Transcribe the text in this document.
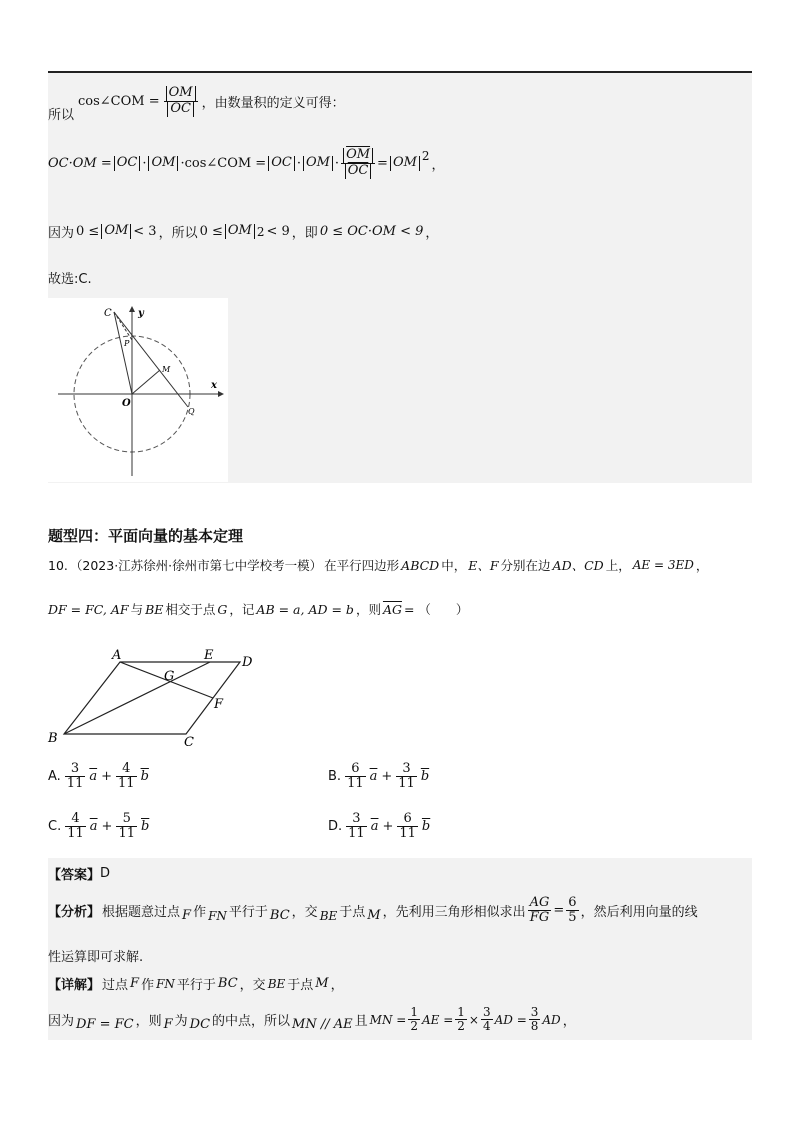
所以
cos∠COM = $\frac{OM}{OC}$ ，由数量积的定义可得：
OC·OM = OC · OM ·cos∠COM = OC · OM · $\frac{\overline{OM}}{OC}$ = OM 2
，
因为 0 ≤ OM < 3 ，所以 0 ≤ OM 2 < 9 ，即 0 ≤ OC·OM < 9 ，
故选:C.
C
P
y
M
x
O
Q
题型四：平面向量的基本定理
10. （2023·江苏徐州·徐州市第七中学校考一模） 在平行四边形 ABCD 中， E、F 分别在边 AD、CD 上， AE = 3ED ，
DF = FC, AF 与 BE 相交于点 G ，记 AB = a, AD = b ，则 $\overline{AG}$ = （　　）
A	E D
G
F
B	C
A. $\frac{3}{11} \overline{a} + \frac{4}{11} \overline{b}$	B. $\frac{6}{11} \overline{a} + \frac{3}{11} \overline{b}$
C. $\frac{4}{11} \overline{a} + \frac{5}{11} \overline{b}$	D. $\frac{3}{11} \overline{a} + \frac{6}{11} \overline{b}$
【答案】 D
【分析】 根据题意过点 F 作 FN 平行于 BC ，交 BE 于点 M ，先利用三角形相似求出 $\frac{AG}{FG} = \frac{6}{5}$ ，然后利用向量的线
性运算即可求解.
【详解】 过点 F 作 FN 平行于 BC ，交 BE 于点 M ，
因为 DF = FC ，则 F 为 DC 的中点，所以 MN // AE 且 MN = $\frac{1}{2}$ AE = $\frac{1}{2} \times \frac{3}{4}$ AD = $\frac{3}{8}$ AD ，
